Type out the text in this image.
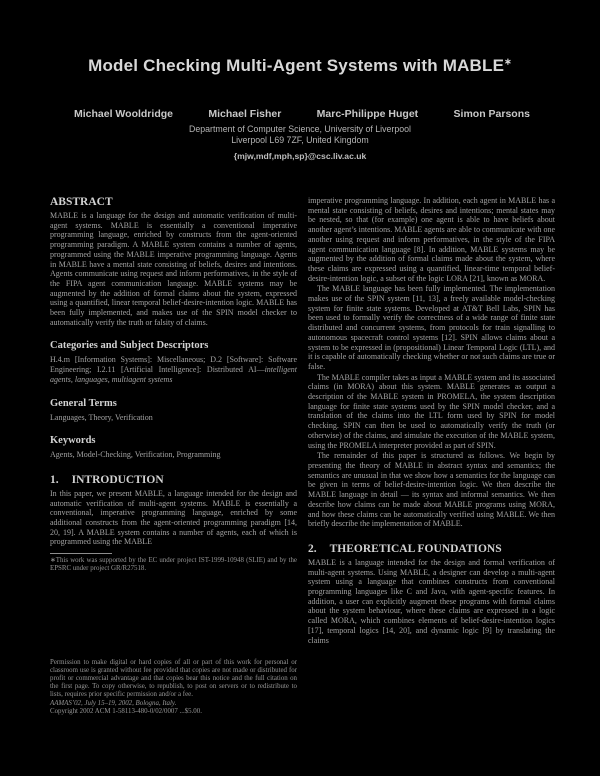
Model Checking Multi-Agent Systems with MABLE∗
Michael Wooldridge	Michael Fisher	Marc-Philippe Huget	Simon Parsons
Department of Computer Science, University of Liverpool
Liverpool L69 7ZF, United Kingdom
{mjw,mdf,mph,sp}@csc.liv.ac.uk
ABSTRACT

MABLE is a language for the design and automatic verification of multi-agent systems. MABLE is essentially a conventional imperative programming language, enriched by constructs from the agent-oriented programming paradigm. A MABLE system contains a number of agents, programmed using the MABLE imperative programming language. Agents in MABLE have a mental state consisting of beliefs, desires and intentions. Agents communicate using request and inform performatives, in the style of the FIPA agent communication language. MABLE systems may be augmented by the addition of formal claims about the system, expressed using a quantified, linear temporal belief-desire-intention logic. MABLE has been fully implemented, and makes use of the SPIN model checker to automatically verify the truth or falsity of claims.

Categories and Subject Descriptors

H.4.m [Information Systems]: Miscellaneous; D.2 [Software]: Software Engineering; I.2.11 [Artificial Intelligence]: Distributed AI—intelligent agents, languages, multiagent systems

General Terms

Languages, Theory, Verification

Keywords

Agents, Model-Checking, Verification, Programming

1. INTRODUCTION

In this paper, we present MABLE, a language intended for the design and automatic verification of multi-agent systems. MABLE is essentially a conventional, imperative programming language, enriched by some additional constructs from the agent-oriented programming paradigm [14, 20, 19]. A MABLE system contains a number of agents, each of which is programmed using the MABLE

∗This work was supported by the EC under project IST-1999-10948 (SLIE) and by the EPSRC under project GR/R27518.

Permission to make digital or hard copies of all or part of this work for personal or classroom use is granted without fee provided that copies are not made or distributed for profit or commercial advantage and that copies bear this notice and the full citation on the first page. To copy otherwise, to republish, to post on servers or to redistribute to lists, requires prior specific permission and/or a fee.

AAMAS’02, July 15–19, 2002, Bologna, Italy.

Copyright 2002 ACM 1-58113-480-0/02/0007 ...$5.00.

imperative programming language. In addition, each agent in MABLE has a mental state consisting of beliefs, desires and intentions; mental states may be nested, so that (for example) one agent is able to have beliefs about another agent’s intentions. MABLE agents are able to communicate with one another using request and inform performatives, in the style of the FIPA agent communication language [8]. In addition, MABLE systems may be augmented by the addition of formal claims made about the system, where these claims are expressed using a quantified, linear-time temporal belief-desire-intention logic, a subset of the logic LORA [21], known as MORA.

The MABLE language has been fully implemented. The implementation makes use of the SPIN system [11, 13], a freely available model-checking system for finite state systems. Developed at AT&T Bell Labs, SPIN has been used to formally verify the correctness of a wide range of finite state distributed and concurrent systems, from protocols for train signalling to autonomous spacecraft control systems [12]. SPIN allows claims about a system to be expressed in (propositional) Linear Temporal Logic (LTL), and it is capable of automatically checking whether or not such claims are true or false.

The MABLE compiler takes as input a MABLE system and its associated claims (in MORA) about this system. MABLE generates as output a description of the MABLE system in PROMELA, the system description language for finite state systems used by the SPIN model checker, and a translation of the claims into the LTL form used by SPIN for model checking. SPIN can then be used to automatically verify the truth (or otherwise) of the claims, and simulate the execution of the MABLE system, using the PROMELA interpreter provided as part of SPIN.

The remainder of this paper is structured as follows. We begin by presenting the theory of MABLE in abstract syntax and semantics; the semantics are unusual in that we show how a semantics for the language can be given in terms of belief-desire-intention logic. We then describe the MABLE language in detail — its syntax and informal semantics. We then describe how claims can be made about MABLE programs using MORA, and how these claims can be automatically verified using MABLE. We then briefly describe the implementation of MABLE.

2. THEORETICAL FOUNDATIONS

MABLE is a language intended for the design and formal verification of multi-agent systems. Using MABLE, a designer can develop a multi-agent system using a language that combines constructs from conventional programming languages like C and Java, with agent-specific features. In addition, a user can explicitly augment these programs with formal claims about the system behaviour, where these claims are expressed in a logic called MORA, which combines elements of belief-desire-intention logics [17], temporal logics [14, 20], and dynamic logic [9] by translating the claims
